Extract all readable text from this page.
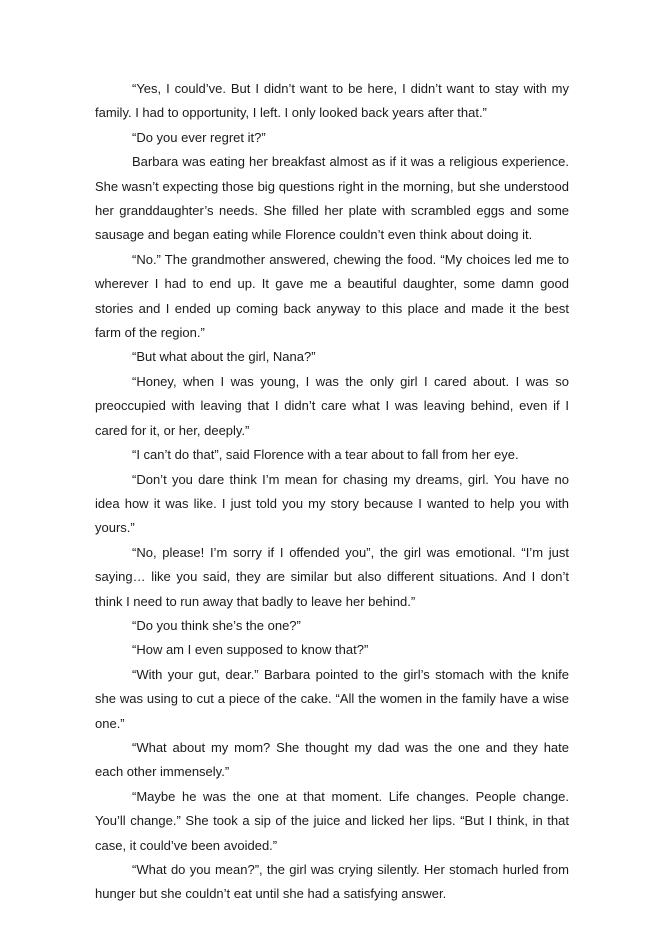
“Yes, I could’ve. But I didn’t want to be here, I didn’t want to stay with my family. I had to opportunity, I left. I only looked back years after that.”

“Do you ever regret it?”

Barbara was eating her breakfast almost as if it was a religious experience. She wasn’t expecting those big questions right in the morning, but she understood her granddaughter’s needs. She filled her plate with scrambled eggs and some sausage and began eating while Florence couldn’t even think about doing it.

“No.” The grandmother answered, chewing the food. “My choices led me to wherever I had to end up. It gave me a beautiful daughter, some damn good stories and I ended up coming back anyway to this place and made it the best farm of the region.”

“But what about the girl, Nana?”

“Honey, when I was young, I was the only girl I cared about. I was so preoccupied with leaving that I didn’t care what I was leaving behind, even if I cared for it, or her, deeply.”

“I can’t do that”, said Florence with a tear about to fall from her eye.

“Don’t you dare think I’m mean for chasing my dreams, girl. You have no idea how it was like. I just told you my story because I wanted to help you with yours.”

“No, please! I’m sorry if I offended you”, the girl was emotional. “I’m just saying… like you said, they are similar but also different situations. And I don’t think I need to run away that badly to leave her behind.”

“Do you think she’s the one?”

“How am I even supposed to know that?”

“With your gut, dear.” Barbara pointed to the girl’s stomach with the knife she was using to cut a piece of the cake. “All the women in the family have a wise one.”

“What about my mom? She thought my dad was the one and they hate each other immensely.”

“Maybe he was the one at that moment. Life changes. People change. You’ll change.” She took a sip of the juice and licked her lips. “But I think, in that case, it could’ve been avoided.”

“What do you mean?”, the girl was crying silently. Her stomach hurled from hunger but she couldn’t eat until she had a satisfying answer.
